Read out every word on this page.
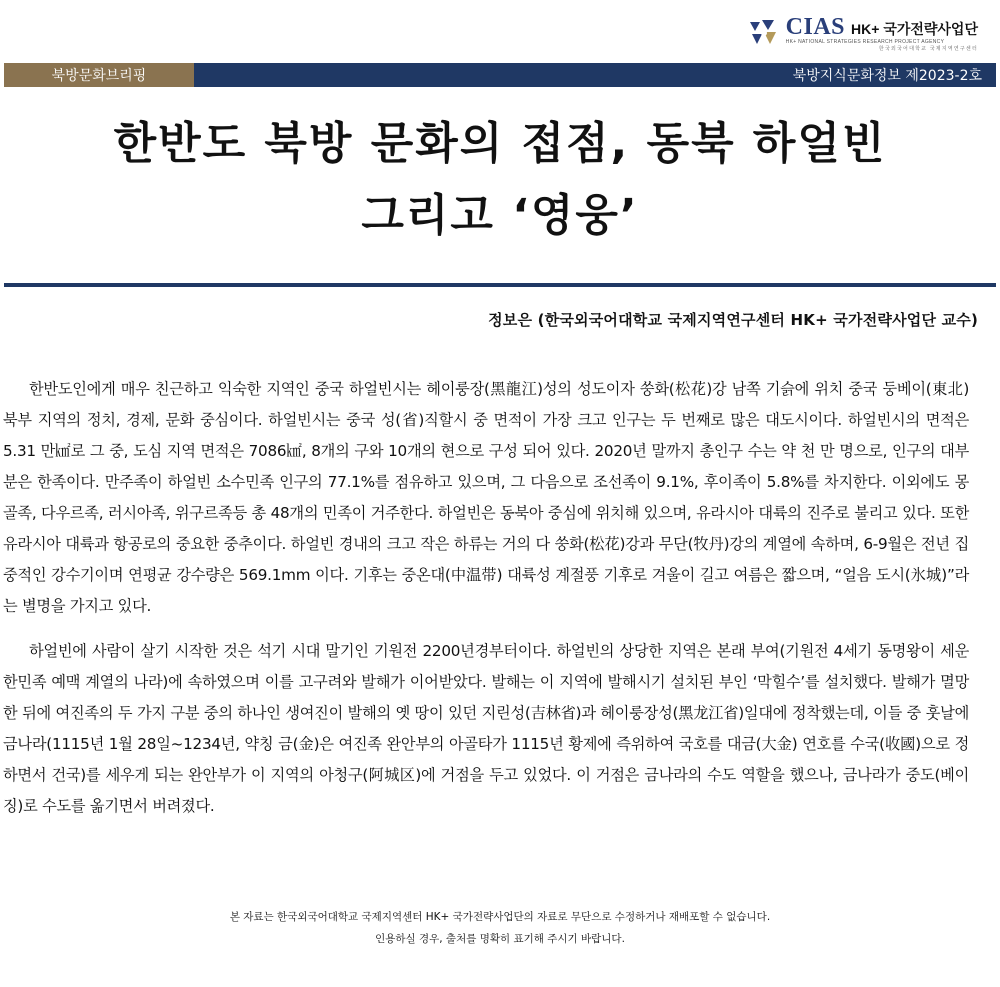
CIAS HK+ 국가전략사업단
HK+ NATIONAL STRATEGIES RESEARCH PROJECT AGENCY
한국외국어대학교 국제지역연구센터
북방문화브리핑	북방지식문화정보 제2023-2호
한반도 북방 문화의 접점, 동북 하얼빈
그리고 ‘영웅’
정보은 (한국외국어대학교 국제지역연구센터 HK+ 국가전략사업단 교수)

한반도인에게 매우 친근하고 익숙한 지역인 중국 하얼빈시는 헤이룽장(黑龍江)성의 성도이자 쑹화(松花)강 남쪽 기슭에 위치 중국 둥베이(東北) 북부 지역의 정치, 경제, 문화 중심이다. 하얼빈시는 중국 성(省)직할시 중 면적이 가장 크고 인구는 두 번째로 많은 대도시이다. 하얼빈시의 면적은 5.31 만㎢로 그 중, 도심 지역 면적은 7086㎢, 8개의 구와 10개의 현으로 구성 되어 있다. 2020년 말까지 총인구 수는 약 천 만 명으로, 인구의 대부분은 한족이다. 만주족이 하얼빈 소수민족 인구의 77.1%를 점유하고 있으며, 그 다음으로 조선족이 9.1%, 후이족이 5.8%를 차지한다. 이외에도 몽골족, 다우르족, 러시아족, 위구르족등 총 48개의 민족이 거주한다. 하얼빈은 동북아 중심에 위치해 있으며, 유라시아 대륙의 진주로 불리고 있다. 또한 유라시아 대륙과 항공로의 중요한 중추이다. 하얼빈 경내의 크고 작은 하류는 거의 다 쑹화(松花)강과 무단(牧丹)강의 계열에 속하며, 6-9월은 전년 집중적인 강수기이며 연평균 강수량은 569.1mm 이다. 기후는 중온대(中温带) 대륙성 계절풍 기후로 겨울이 길고 여름은 짧으며, “얼음 도시(氷城)”라는 별명을 가지고 있다.

하얼빈에 사람이 살기 시작한 것은 석기 시대 말기인 기원전 2200년경부터이다. 하얼빈의 상당한 지역은 본래 부여(기원전 4세기 동명왕이 세운 한민족 예맥 계열의 나라)에 속하였으며 이를 고구려와 발해가 이어받았다. 발해는 이 지역에 발해시기 설치된 부인 ‘막힐수’를 설치했다. 발해가 멸망한 뒤에 여진족의 두 가지 구분 중의 하나인 생여진이 발해의 옛 땅이 있던 지린성(吉林省)과 헤이룽장성(黑龙江省)일대에 정착했는데, 이들 중 훗날에 금나라(1115년 1월 28일~1234년, 약칭 금(金)은 여진족 완안부의 아골타가 1115년 황제에 즉위하여 국호를 대금(大金) 연호를 수국(收國)으로 정하면서 건국)를 세우게 되는 완안부가 이 지역의 아청구(阿城区)에 거점을 두고 있었다. 이 거점은 금나라의 수도 역할을 했으나, 금나라가 중도(베이징)로 수도를 옮기면서 버려졌다.

본 자료는 한국외국어대학교 국제지역센터 HK+ 국가전략사업단의 자료로 무단으로 수정하거나 재배포할 수 없습니다.
인용하실 경우, 출처를 명확히 표기해 주시기 바랍니다.
